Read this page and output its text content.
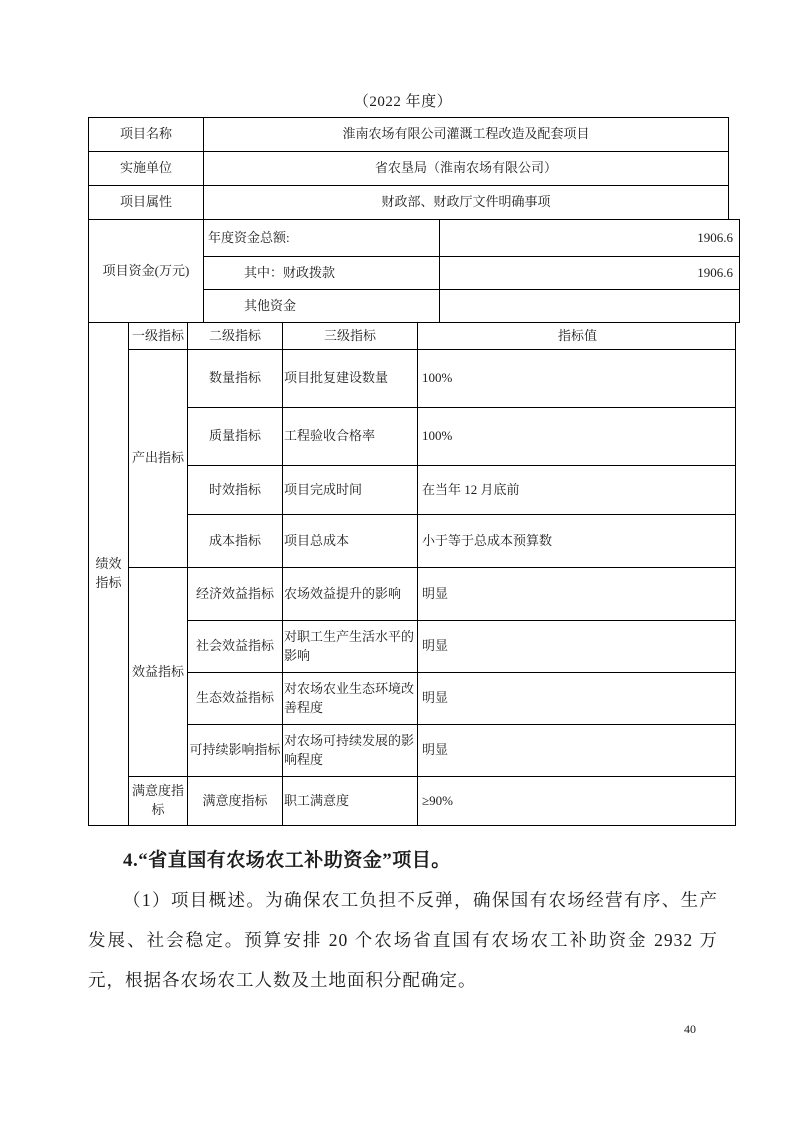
（2022 年度）

项目名称	淮南农场有限公司灌溉工程改造及配套项目
实施单位	省农垦局（淮南农场有限公司）
项目属性	财政部、财政厅文件明确事项
项目资金(万元)	年度资金总额:	1906.6
	其中：财政拨款	1906.6
	其他资金	
绩效指标	一级指标	二级指标	三级指标	指标值
	产出指标	数量指标	项目批复建设数量	100%
		质量指标	工程验收合格率	100%
		时效指标	项目完成时间	在当年 12 月底前
		成本指标	项目总成本	小于等于总成本预算数
	效益指标	经济效益指标	农场效益提升的影响	明显
		社会效益指标	对职工生产生活水平的影响	明显
		生态效益指标	对农场农业生态环境改善程度	明显
		可持续影响指标	对农场可持续发展的影响程度	明显
	满意度指标	满意度指标	职工满意度	≥90%

4.“省直国有农场农工补助资金”项目。

（1）项目概述。为确保农工负担不反弹，确保国有农场经营有序、生产发展、社会稳定。预算安排 20 个农场省直国有农场农工补助资金 2932 万元，根据各农场农工人数及土地面积分配确定。

40
